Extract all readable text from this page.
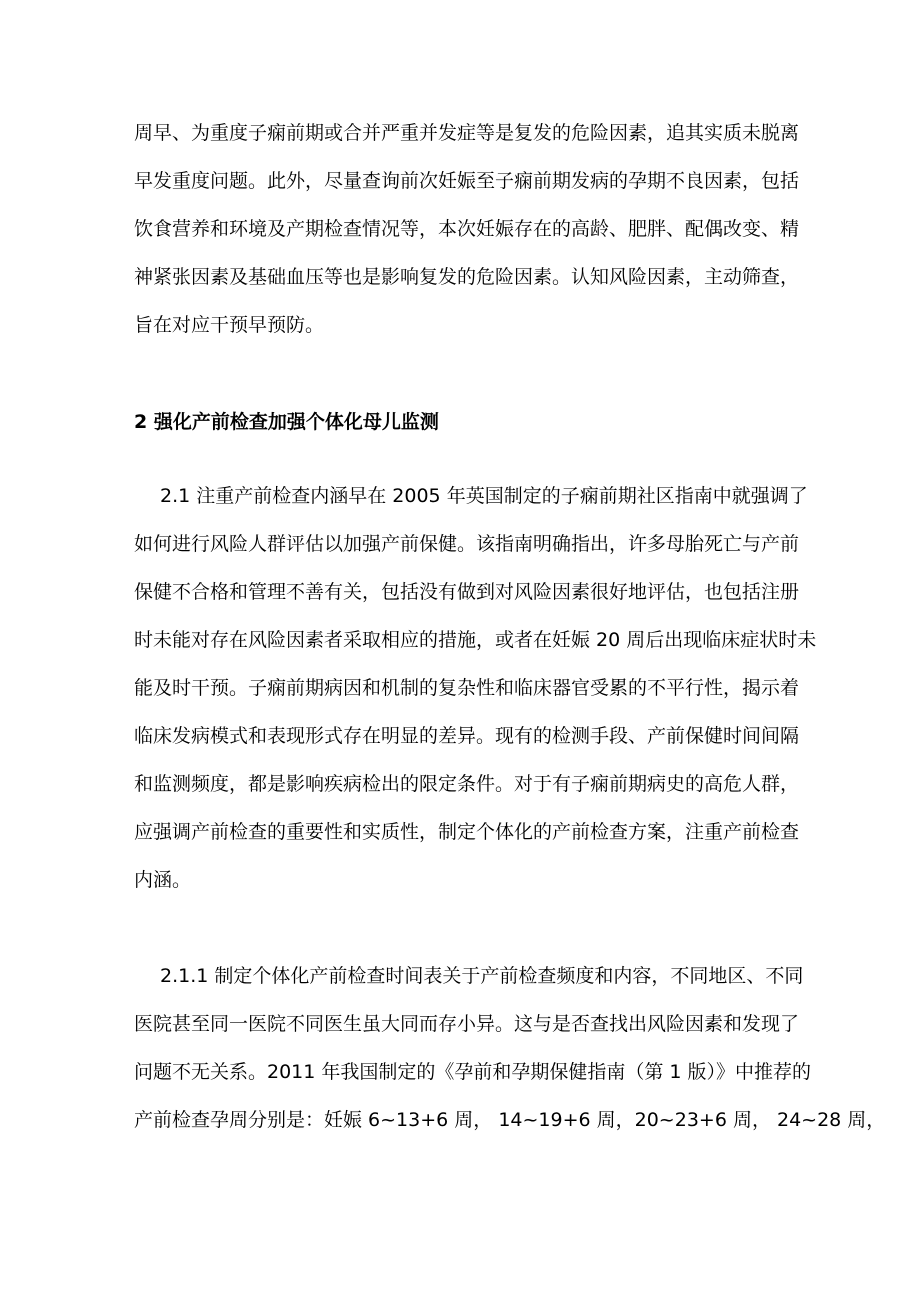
周早、为重度子痫前期或合并严重并发症等是复发的危险因素，追其实质未脱离
早发重度问题。此外，尽量查询前次妊娠至子痫前期发病的孕期不良因素，包括
饮食营养和环境及产期检查情况等，本次妊娠存在的高龄、肥胖、配偶改变、精
神紧张因素及基础血压等也是影响复发的危险因素。认知风险因素，主动筛查，
旨在对应干预早预防。
2 强化产前检查加强个体化母儿监测
2.1 注重产前检查内涵早在 2005 年英国制定的子痫前期社区指南中就强调了
如何进行风险人群评估以加强产前保健。该指南明确指出，许多母胎死亡与产前
保健不合格和管理不善有关，包括没有做到对风险因素很好地评估，也包括注册
时未能对存在风险因素者采取相应的措施，或者在妊娠 20 周后出现临床症状时未
能及时干预。子痫前期病因和机制的复杂性和临床器官受累的不平行性，揭示着
临床发病模式和表现形式存在明显的差异。现有的检测手段、产前保健时间间隔
和监测频度，都是影响疾病检出的限定条件。对于有子痫前期病史的高危人群，
应强调产前检查的重要性和实质性，制定个体化的产前检查方案，注重产前检查
内涵。
2.1.1 制定个体化产前检查时间表关于产前检查频度和内容，不同地区、不同
医院甚至同一医院不同医生虽大同而存小异。这与是否查找出风险因素和发现了
问题不无关系。2011 年我国制定的《孕前和孕期保健指南（第 1 版）》中推荐的
产前检查孕周分别是：妊娠 6~13+6 周， 14~19+6 周，20~23+6 周， 24~28 周，
